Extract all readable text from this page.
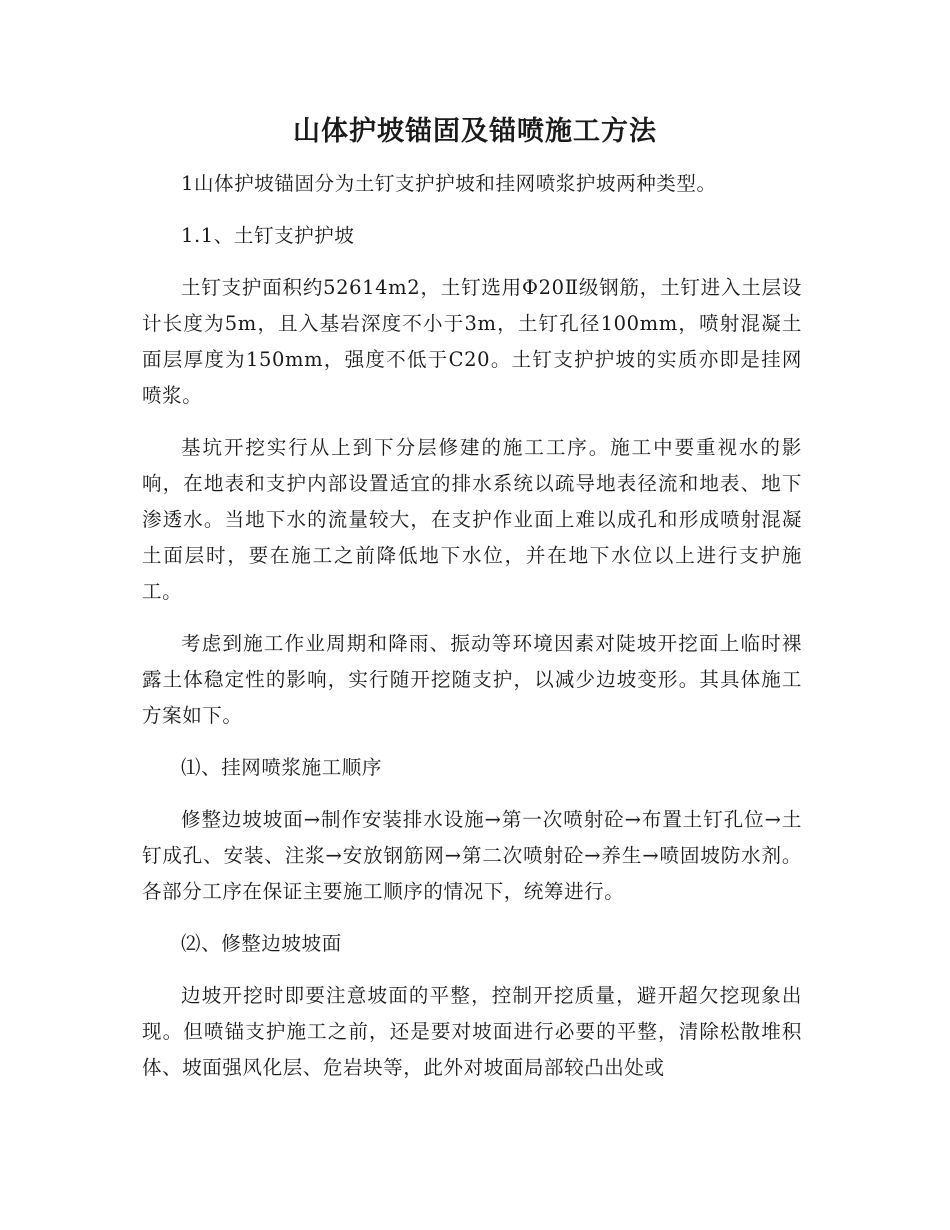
山体护坡锚固及锚喷施工方法

1山体护坡锚固分为土钉支护护坡和挂网喷浆护坡两种类型。

1.1、土钉支护护坡

土钉支护面积约52614m2，土钉选用Φ20Ⅱ级钢筋，土钉进入土层设计长度为5m，且入基岩深度不小于3m，土钉孔径100mm，喷射混凝土面层厚度为150mm，强度不低于C20。土钉支护护坡的实质亦即是挂网喷浆。

基坑开挖实行从上到下分层修建的施工工序。施工中要重视水的影响，在地表和支护内部设置适宜的排水系统以疏导地表径流和地表、地下渗透水。当地下水的流量较大，在支护作业面上难以成孔和形成喷射混凝土面层时，要在施工之前降低地下水位，并在地下水位以上进行支护施工。

考虑到施工作业周期和降雨、振动等环境因素对陡坡开挖面上临时裸露土体稳定性的影响，实行随开挖随支护，以减少边坡变形。其具体施工方案如下。

⑴、挂网喷浆施工顺序

修整边坡坡面→制作安装排水设施→第一次喷射砼→布置土钉孔位→土钉成孔、安装、注浆→安放钢筋网→第二次喷射砼→养生→喷固坡防水剂。各部分工序在保证主要施工顺序的情况下，统筹进行。

⑵、修整边坡坡面

边坡开挖时即要注意坡面的平整，控制开挖质量，避开超欠挖现象出现。但喷锚支护施工之前，还是要对坡面进行必要的平整，清除松散堆积体、坡面强风化层、危岩块等，此外对坡面局部较凸出处或
